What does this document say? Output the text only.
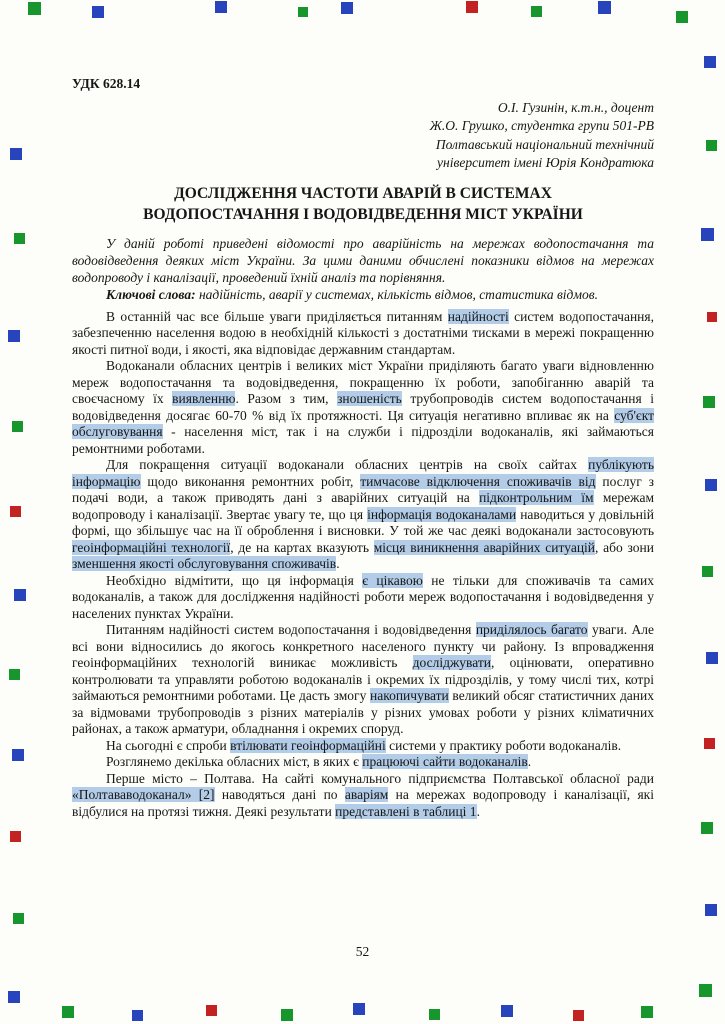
УДК 628.14

О.І. Гузинін, к.т.н., доцент
Ж.О. Грушко, студентка групи 501-РВ
Полтавський національний технічний
університет імені Юрія Кондратюка
ДОСЛІДЖЕННЯ ЧАСТОТИ АВАРІЙ В СИСТЕМАХ
ВОДОПОСТАЧАННЯ І ВОДОВІДВЕДЕННЯ МІСТ УКРАЇНИ

У даній роботі приведені відомості про аварійність на мережах водопостачання та водовідведення деяких міст України. За цими даними обчислені показники відмов на мережах водопроводу і каналізації, проведений їхній аналіз та порівняння.

Ключові слова: надійність, аварії у системах, кількість відмов, статистика відмов.

В останній час все більше уваги приділяється питанням надійності систем водопостачання, забезпеченню населення водою в необхідній кількості з достатніми тисками в мережі покращенню якості питної води, і якості, яка відповідає державним стандартам.

Водоканали обласних центрів і великих міст України приділяють багато уваги відновленню мереж водопостачання та водовідведення, покращенню їх роботи, запобіганню аварій та своєчасному їх виявленню. Разом з тим, зношеність трубопроводів систем водопостачання і водовідведення досягає 60-70 % від їх протяжності. Ця ситуація негативно впливає як на суб'єкт обслуговування - населення міст, так і на служби і підрозділи водоканалів, які займаються ремонтними роботами.

Для покращення ситуації водоканали обласних центрів на своїх сайтах публікують інформацію щодо виконання ремонтних робіт, тимчасове відключення споживачів від послуг з подачі води, а також приводять дані з аварійних ситуацій на підконтрольним їм мережам водопроводу і каналізації. Звертає увагу те, що ця інформація водоканалами наводиться у довільній формі, що збільшує час на її оброблення і висновки. У той же час деякі водоканали застосовують геоінформаційні технології, де на картах вказують місця виникнення аварійних ситуацій, або зони зменшення якості обслуговування споживачів.

Необхідно відмітити, що ця інформація є цікавою не тільки для споживачів та самих водоканалів, а також для дослідження надійності роботи мереж водопостачання і водовідведення у населених пунктах України.

Питанням надійності систем водопостачання і водовідведення приділялось багато уваги. Але всі вони відносились до якогось конкретного населеного пункту чи району. Із впровадження геоінформаційних технологій виникає можливість досліджувати, оцінювати, оперативно контролювати та управляти роботою водоканалів і окремих їх підрозділів, у тому числі тих, котрі займаються ремонтними роботами. Це дасть змогу накопичувати великий обсяг статистичних даних за відмовами трубопроводів з різних матеріалів у різних умовах роботи у різних кліматичних районах, а також арматури, обладнання і окремих споруд.

На сьогодні є спроби втілювати геоінформаційні системи у практику роботи водоканалів.

Розглянемо декілька обласних міст, в яких є працюючі сайти водоканалів.

Перше місто – Полтава. На сайті комунального підприємства Полтавської обласної ради «Полтававодоканал» [2] наводяться дані по аваріям на мережах водопроводу і каналізації, які відбулися на протязі тижня. Деякі результати представлені в таблиці 1.

52
